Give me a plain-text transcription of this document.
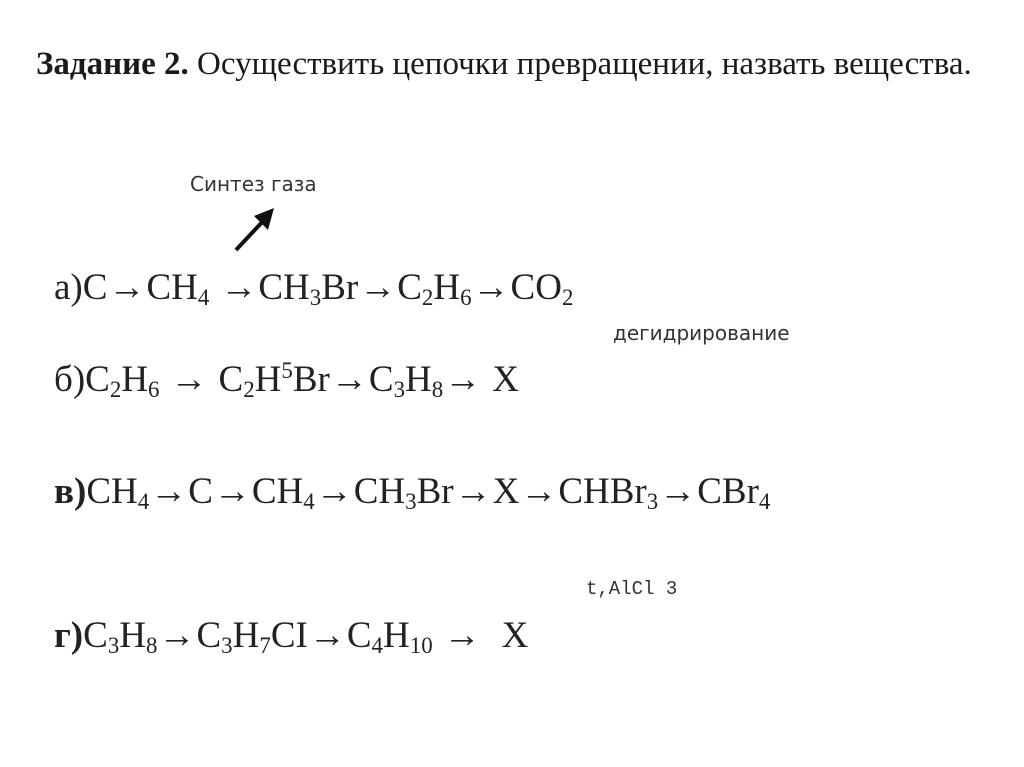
Задание 2. Осуществить цепочки превращении, назвать вещества.
Синтез газа
$а)C\to CH_4 \to CH_3Br\to C_2H_6\to CO_2$
дегидрирование
$б)C_2H_6 \to C_2H^5Br\to C_3H_8\to X$
$в)CH_4\to C\to CH_4\to CH_3Br\to X\to CHBr_3\to CBr_4$
t,AlCl 3
$г)C_3H_8\to C_3H_7CI\to C_4H_{10} \to X$
